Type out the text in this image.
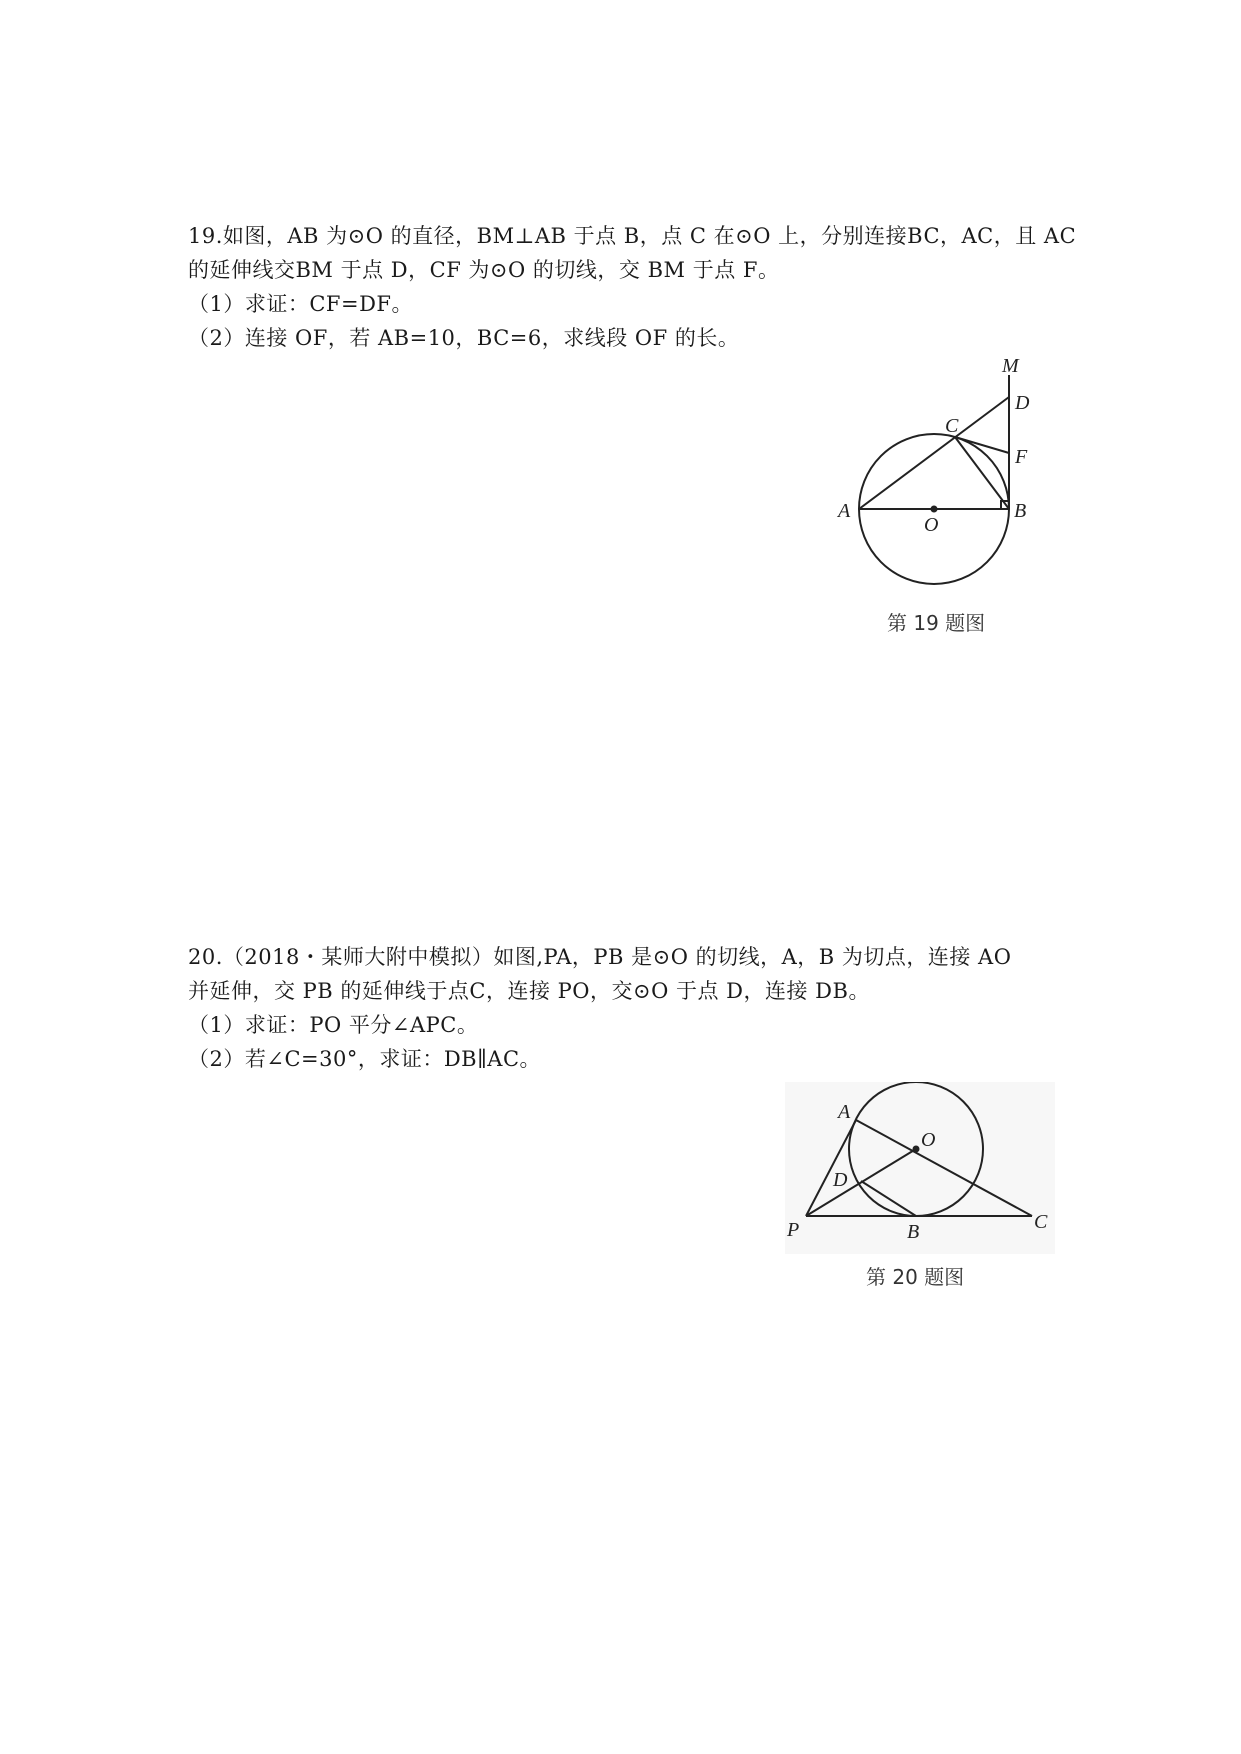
19.如图，AB 为⊙O 的直径，BM⊥AB 于点 B，点 C 在⊙O 上，分别连接BC，AC，且 AC
的延伸线交BM 于点 D，CF 为⊙O 的切线，交 BM 于点 F。
（1）求证：CF=DF。
（2）连接 OF，若 AB=10，BC=6，求线段 OF 的长。
M
D
C
F
A
O
B
第 19 题图
20.（2018・某师大附中模拟）如图,PA，PB 是⊙O 的切线，A，B 为切点，连接 AO
并延伸，交 PB 的延伸线于点C，连接 PO，交⊙O 于点 D，连接 DB。
（1）求证：PO 平分∠APC。
（2）若∠C=30°，求证：DB∥AC。
A
O
D
P	B	C
第 20 题图
